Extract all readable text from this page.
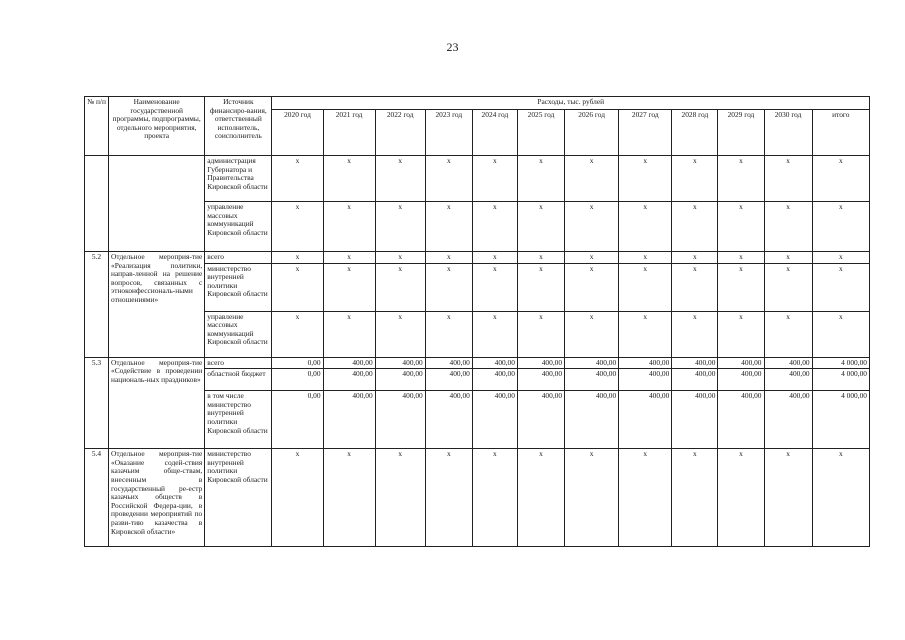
23
№ п/п	Наименование государственной программы, подпрограммы, отдельного мероприятия, проекта	Источник финансиро-вания, ответственный исполнитель, соисполнитель	Расходы, тыс. рублей											
			2020 год	2021 год	2022 год	2023 год	2024 год	2025 год	2026 год	2027 год	2028 год	2029 год	2030 год	итого
		администрация Губернатора и Правительства Кировской области	x	x	x	x	x	x	x	x	x	x	x	x
		управление массовых коммуникаций Кировской области	x	x	x	x	x	x	x	x	x	x	x	x
5.2	Отдельное мероприя-тие «Реализация политики, направ-ленной на решение вопросов, связанных с этноконфессиональ-ными отношениями»	всего	x	x	x	x	x	x	x	x	x	x	x	x
		министерство внутренней политики Кировской области	x	x	x	x	x	x	x	x	x	x	x	x
		управление массовых коммуникаций Кировской области	x	x	x	x	x	x	x	x	x	x	x	x
5.3	Отдельное мероприя-тие «Содействие в проведении националь-ных праздников»	всего	0,00	400,00	400,00	400,00	400,00	400,00	400,00	400,00	400,00	400,00	400,00	4 000,00
		областной бюджет	0,00	400,00	400,00	400,00	400,00	400,00	400,00	400,00	400,00	400,00	400,00	4 000,00
		в том числе министерство внутренней политики Кировской области	0,00	400,00	400,00	400,00	400,00	400,00	400,00	400,00	400,00	400,00	400,00	4 000,00
5.4	Отдельное мероприя-тие «Оказание содей-ствия казачьим обще-ствам, внесенным в государственный ре-естр казачьих обществ в Российской Федера-ции, в проведении мероприятий по разви-тию казачества в Кировской области»	министерство внутренней политики Кировской области	x	x	x	x	x	x	x	x	x	x	x	x
